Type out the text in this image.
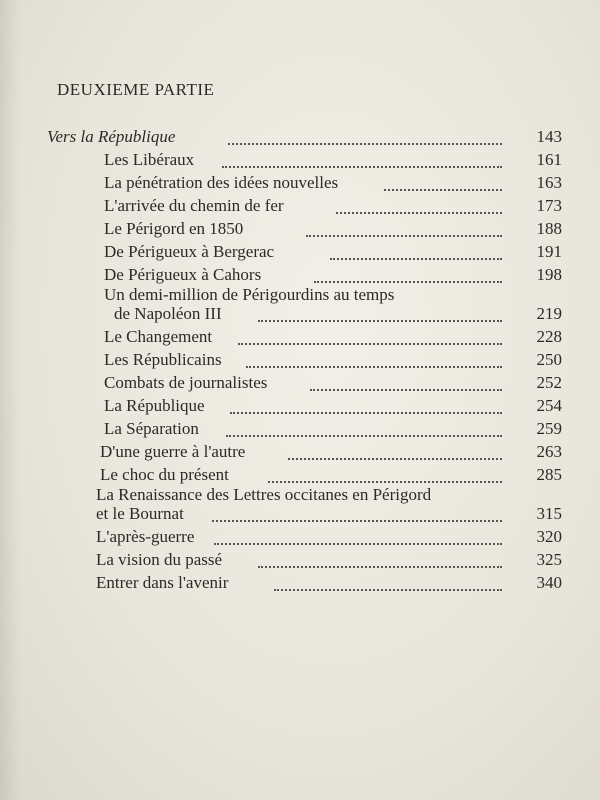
DEUXIEME PARTIE
Vers la République	143
Les Libéraux	161
La pénétration des idées nouvelles	163
L'arrivée du chemin de fer	173
Le Périgord en 1850	188
De Périgueux à Bergerac	191
De Périgueux à Cahors	198
Un demi-million de Périgourdins au temps
de Napoléon III	219
Le Changement	228
Les Républicains	250
Combats de journalistes	252
La République	254
La Séparation	259
D'une guerre à l'autre	263
Le choc du présent	285
La Renaissance des Lettres occitanes en Périgord
et le Bournat	315
L'après-guerre	320
La vision du passé	325
Entrer dans l'avenir	340
